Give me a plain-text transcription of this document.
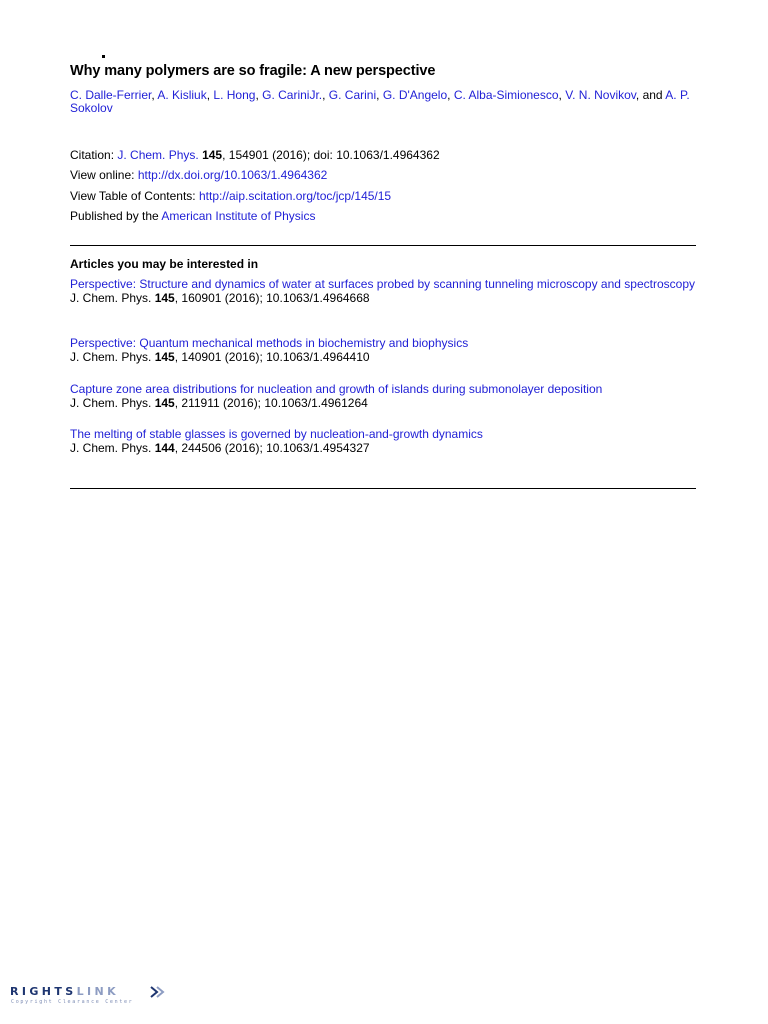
Why many polymers are so fragile: A new perspective
C. Dalle-Ferrier, A. Kisliuk, L. Hong, G. CariniJr., G. Carini, G. D'Angelo, C. Alba-Simionesco, V. N. Novikov, and A. P. Sokolov
Citation: J. Chem. Phys. 145, 154901 (2016); doi: 10.1063/1.4964362
View online: http://dx.doi.org/10.1063/1.4964362
View Table of Contents: http://aip.scitation.org/toc/jcp/145/15
Published by the American Institute of Physics
Articles you may be interested in
Perspective: Structure and dynamics of water at surfaces probed by scanning tunneling microscopy and spectroscopy
J. Chem. Phys. 145, 160901 (2016); 10.1063/1.4964668
Perspective: Quantum mechanical methods in biochemistry and biophysics
J. Chem. Phys. 145, 140901 (2016); 10.1063/1.4964410
Capture zone area distributions for nucleation and growth of islands during submonolayer deposition
J. Chem. Phys. 145, 211911 (2016); 10.1063/1.4961264
The melting of stable glasses is governed by nucleation-and-growth dynamics
J. Chem. Phys. 144, 244506 (2016); 10.1063/1.4954327
RIGHTSLINK
Copyright Clearance Center
